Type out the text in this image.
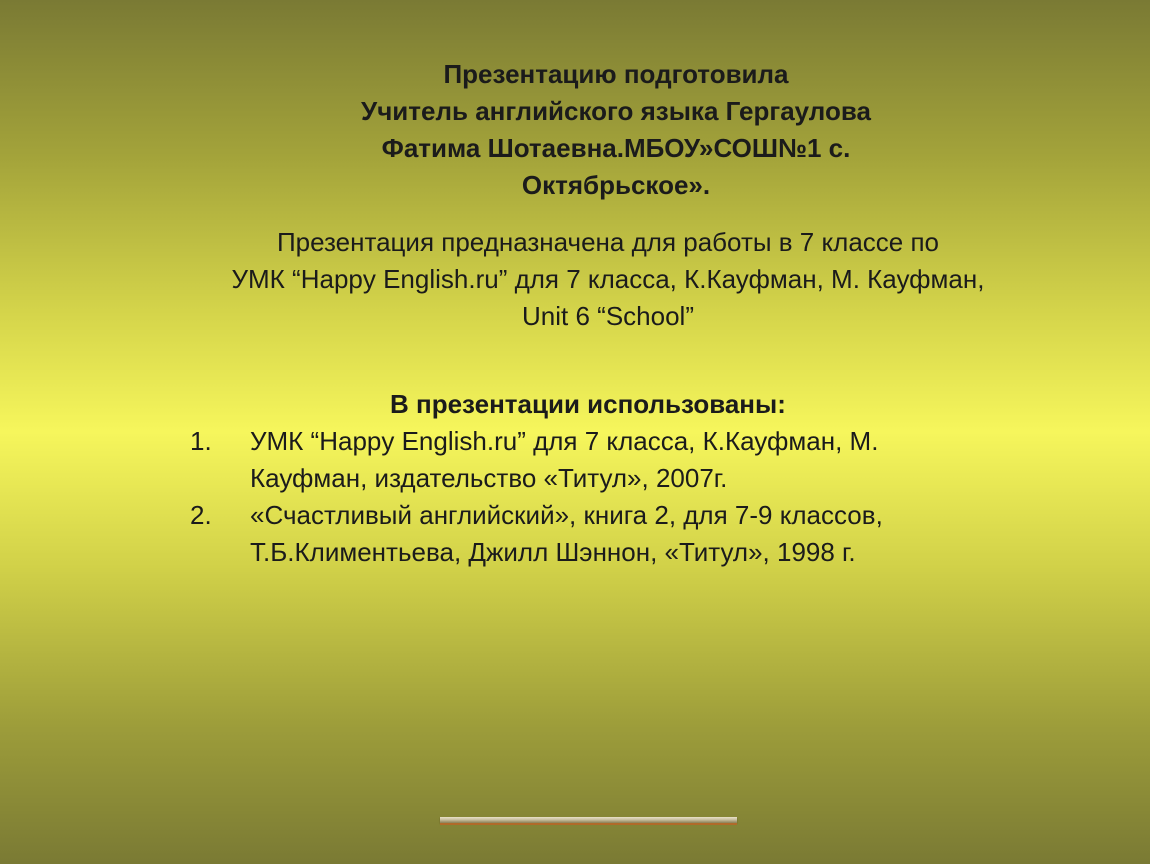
Презентацию подготовила
Учитель английского языка Гергаулова
Фатима Шотаевна.МБОУ»СОШ№1 с.
Октябрьское».
Презентация предназначена для работы в 7 классе по
УМК “Happy English.ru” для 7 класса, К.Кауфман, М. Кауфман,
Unit 6 “School”
В презентации использованы:
1. УМК “Happy English.ru” для 7 класса, К.Кауфман, М.
Кауфман, издательство «Титул», 2007г.
2. «Счастливый английский», книга 2, для 7-9 классов,
Т.Б.Климентьева, Джилл Шэннон, «Титул», 1998 г.
